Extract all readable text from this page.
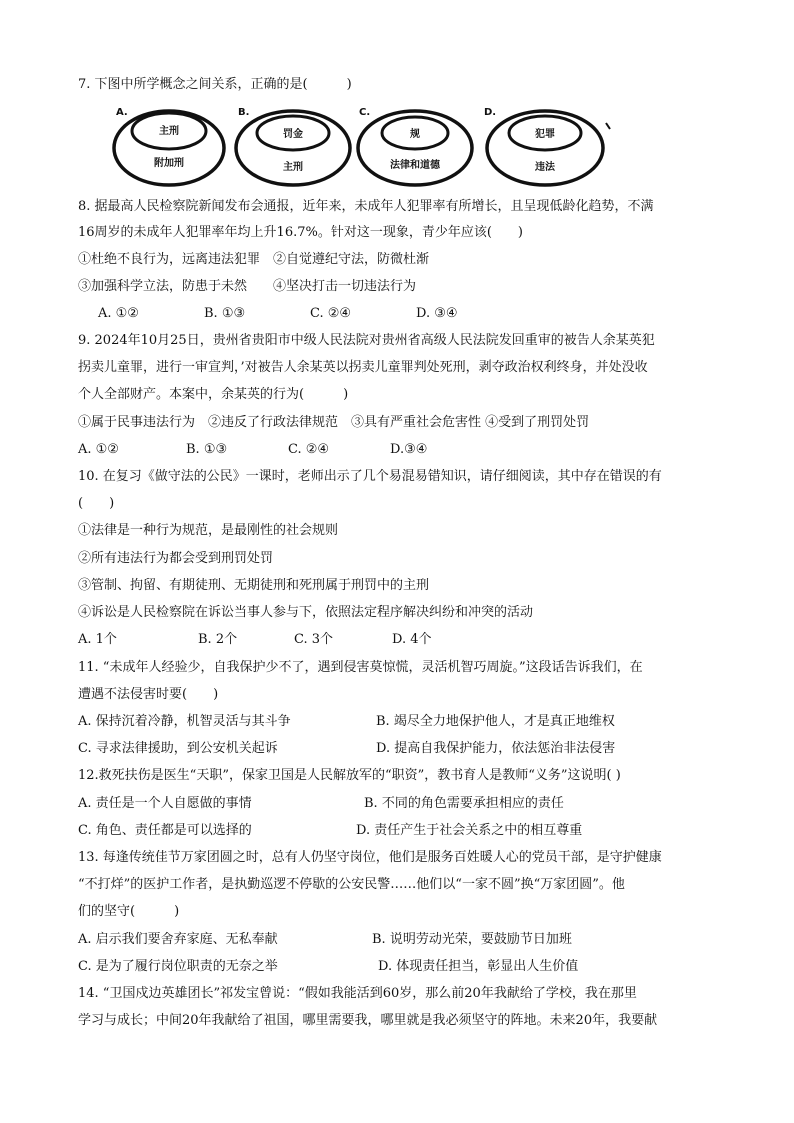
7. 下图中所学概念之间关系，正确的是(　　　)
A.
主刑
附加刑
B.
罚金
主刑
C.
规
法律和道德
D.
犯罪
违法
8. 据最高人民检察院新闻发布会通报，近年来，未成年人犯罪率有所增长，且呈现低龄化趋势，不满
16周岁的未成年人犯罪率年均上升16.7%。针对这一现象，青少年应该(　　)
①杜绝不良行为，远离违法犯罪　②自觉遵纪守法，防微杜渐
③加强科学立法，防患于未然　　④坚决打击一切违法行为
A. ①②	B. ①③	C. ②④	D. ③④
9. 2024年10月25日，贵州省贵阳市中级人民法院对贵州省高级人民法院发回重审的被告人余某英犯
拐卖儿童罪，进行一审宣判，’对被告人余某英以拐卖儿童罪判处死刑，剥夺政治权利终身，并处没收
个人全部财产。本案中，余某英的行为(　　　)
①属于民事违法行为　②违反了行政法律规范　③具有严重社会危害性 ④受到了刑罚处罚
A. ①②	B. ①③	C. ②④	D.③④
10. 在复习《做守法的公民》一课时，老师出示了几个易混易错知识，请仔细阅读，其中存在错误的有
(　　)
①法律是一种行为规范，是最刚性的社会规则
②所有违法行为都会受到刑罚处罚
③管制、拘留、有期徒刑、无期徒刑和死刑属于刑罚中的主刑
④诉讼是人民检察院在诉讼当事人参与下，依照法定程序解决纠纷和冲突的活动
A. 1个	B. 2个	C. 3个	D. 4个
11. “未成年人经验少，自我保护少不了，遇到侵害莫惊慌，灵活机智巧周旋。”这段话告诉我们，在
遭遇不法侵害时要(　　)
A. 保持沉着冷静，机智灵活与其斗争	B. 竭尽全力地保护他人，才是真正地维权
C. 寻求法律援助，到公安机关起诉	D. 提高自我保护能力，依法惩治非法侵害
12.救死扶伤是医生“天职”，保家卫国是人民解放军的“职资”，教书育人是教师“义务”这说明( )
A. 责任是一个人自愿做的事情	B. 不同的角色需要承担相应的责任
C. 角色、责任都是可以选择的	D. 责任产生于社会关系之中的相互尊重
13. 每逢传统佳节万家团圆之时，总有人仍坚守岗位，他们是服务百姓暖人心的党员干部，是守护健康
“不打烊”的医护工作者，是执勤巡逻不停歇的公安民警……他们以“一家不圆”换“万家团圆”。他
们的坚守(　　　)
A. 启示我们要舍弃家庭、无私奉献	B. 说明劳动光荣，要鼓励节日加班
C. 是为了履行岗位职责的无奈之举	D. 体现责任担当，彰显出人生价值
14. “卫国戍边英雄团长”祁发宝曾说：“假如我能活到60岁，那么前20年我献给了学校，我在那里
学习与成长；中间20年我献给了祖国，哪里需要我，哪里就是我必须坚守的阵地。未来20年，我要献
